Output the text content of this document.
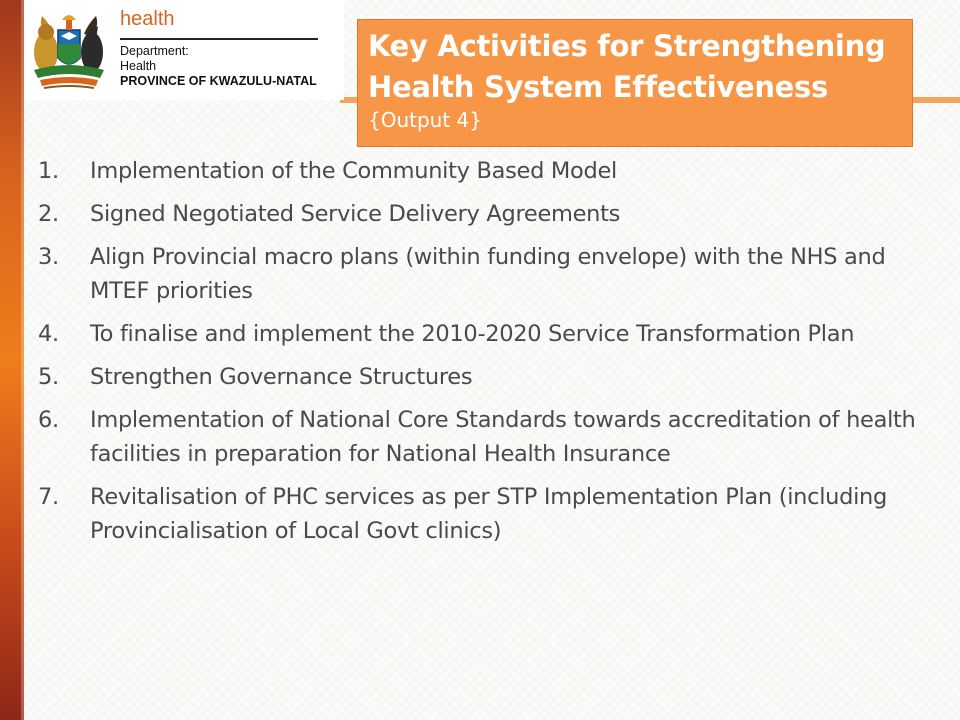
health
Department:
Health
PROVINCE OF KWAZULU-NATAL
Key Activities for Strengthening Health System Effectiveness {Output 4}
1. Implementation of the Community Based Model
2. Signed Negotiated Service Delivery Agreements
3. Align Provincial macro plans (within funding envelope) with the NHS and MTEF priorities
4. To finalise and implement the 2010-2020 Service Transformation Plan
5. Strengthen Governance Structures
6. Implementation of National Core Standards towards accreditation of health facilities in preparation for National Health Insurance
7. Revitalisation of PHC services as per STP Implementation Plan (including Provincialisation of Local Govt clinics)
